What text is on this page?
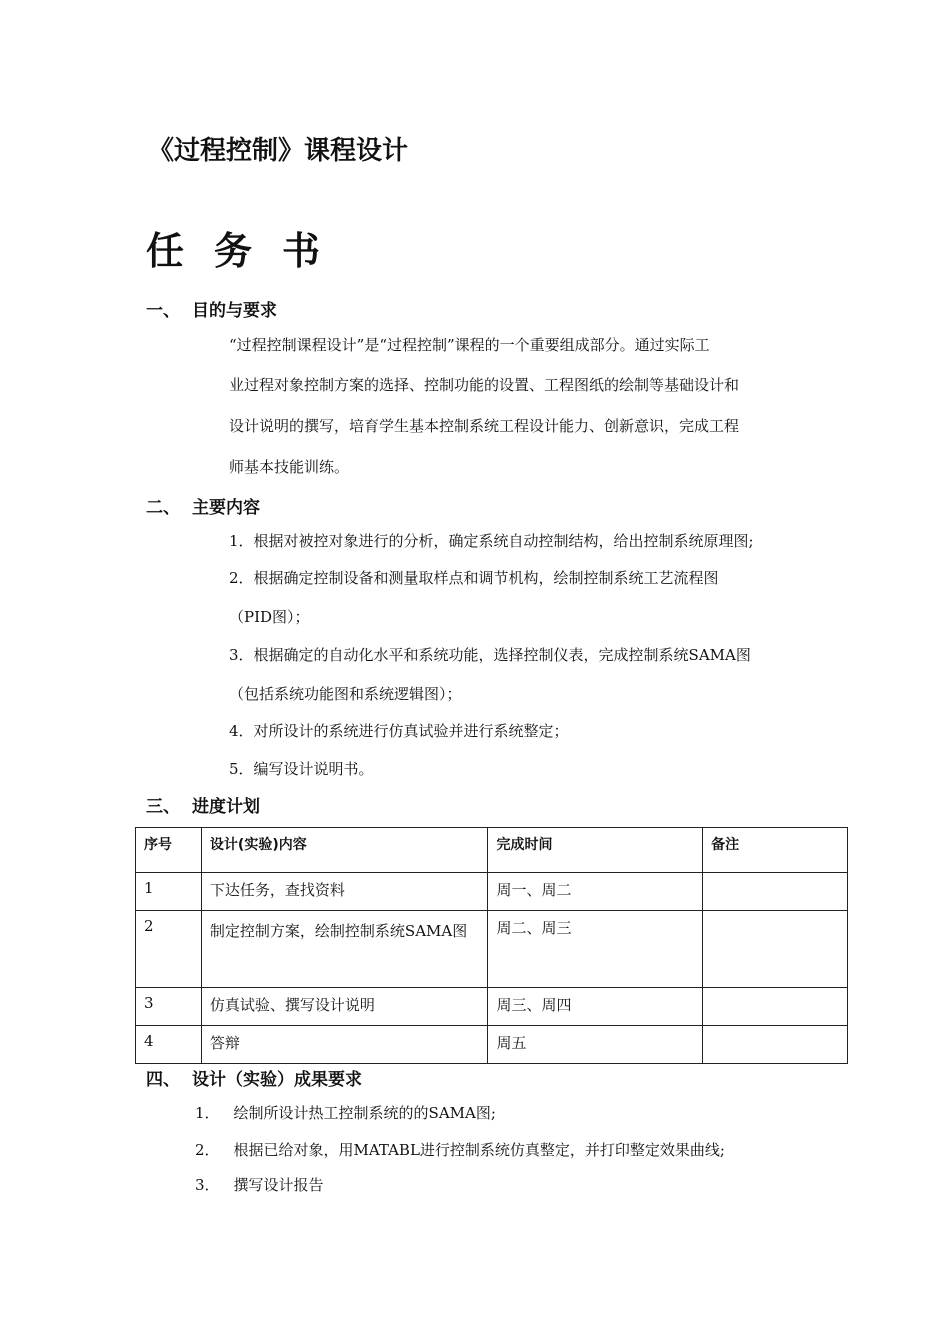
《过程控制》课程设计
任务书
一、 目的与要求
“过程控制课程设计”是“过程控制”课程的一个重要组成部分。通过实际工
业过程对象控制方案的选择、控制功能的设置、工程图纸的绘制等基础设计和
设计说明的撰写，培育学生基本控制系统工程设计能力、创新意识，完成工程
师基本技能训练。
二、 主要内容
1．根据对被控对象进行的分析，确定系统自动控制结构，给出控制系统原理图;
2．根据确定控制设备和测量取样点和调节机构，绘制控制系统工艺流程图
（PID图）；
3．根据确定的自动化水平和系统功能，选择控制仪表，完成控制系统SAMA图
（包括系统功能图和系统逻辑图）；
4．对所设计的系统进行仿真试验并进行系统整定；
5．编写设计说明书。
三、 进度计划
序号	设计(实验)内容	完成时间	备注
1	下达任务，查找资料	周一、周二	
2	制定控制方案，绘制控制系统SAMA图	周二、周三	
3	仿真试验、撰写设计说明	周三、周四	
4	答辩	周五	
四、 设计（实验）成果要求
1． 绘制所设计热工控制系统的的SAMA图;
2． 根据已给对象，用MATABL进行控制系统仿真整定，并打印整定效果曲线;
3． 撰写设计报告
